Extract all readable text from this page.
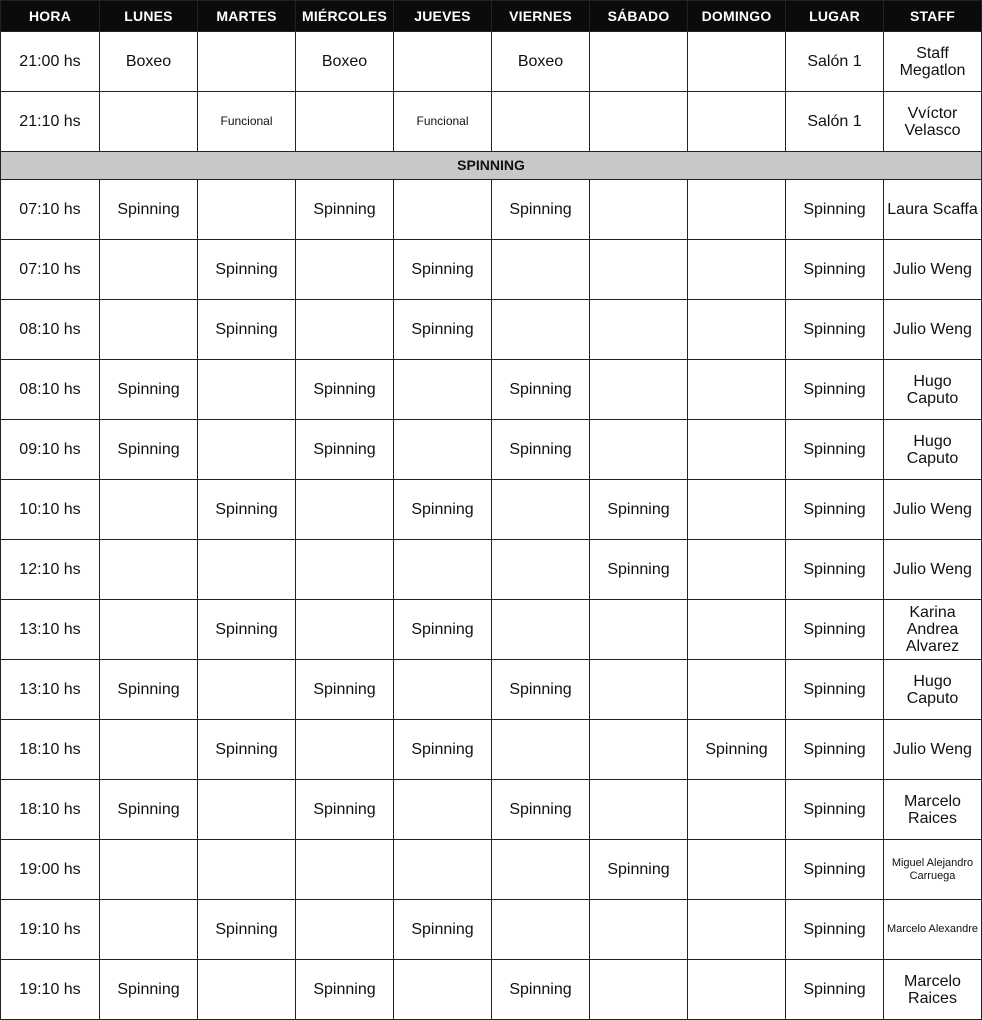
HORA	LUNES	MARTES	MIÉRCOLES	JUEVES	VIERNES	SÁBADO	DOMINGO	LUGAR	STAFF
21:00 hs	Boxeo		Boxeo		Boxeo			Salón 1	Staff Megatlon
21:10 hs		Funcional		Funcional				Salón 1	Vvíctor Velasco
SPINNING									
07:10 hs	Spinning		Spinning		Spinning			Spinning	Laura Scaffa
07:10 hs		Spinning		Spinning				Spinning	Julio Weng
08:10 hs		Spinning		Spinning				Spinning	Julio Weng
08:10 hs	Spinning		Spinning		Spinning			Spinning	Hugo Caputo
09:10 hs	Spinning		Spinning		Spinning			Spinning	Hugo Caputo
10:10 hs		Spinning		Spinning		Spinning		Spinning	Julio Weng
12:10 hs						Spinning		Spinning	Julio Weng
13:10 hs		Spinning		Spinning				Spinning	Karina Andrea Alvarez
13:10 hs	Spinning		Spinning		Spinning			Spinning	Hugo Caputo
18:10 hs		Spinning		Spinning			Spinning	Spinning	Julio Weng
18:10 hs	Spinning		Spinning		Spinning			Spinning	Marcelo Raices
19:00 hs						Spinning		Spinning	Miguel Alejandro Carruega
19:10 hs		Spinning		Spinning				Spinning	Marcelo Alexandre
19:10 hs	Spinning		Spinning		Spinning			Spinning	Marcelo Raices
